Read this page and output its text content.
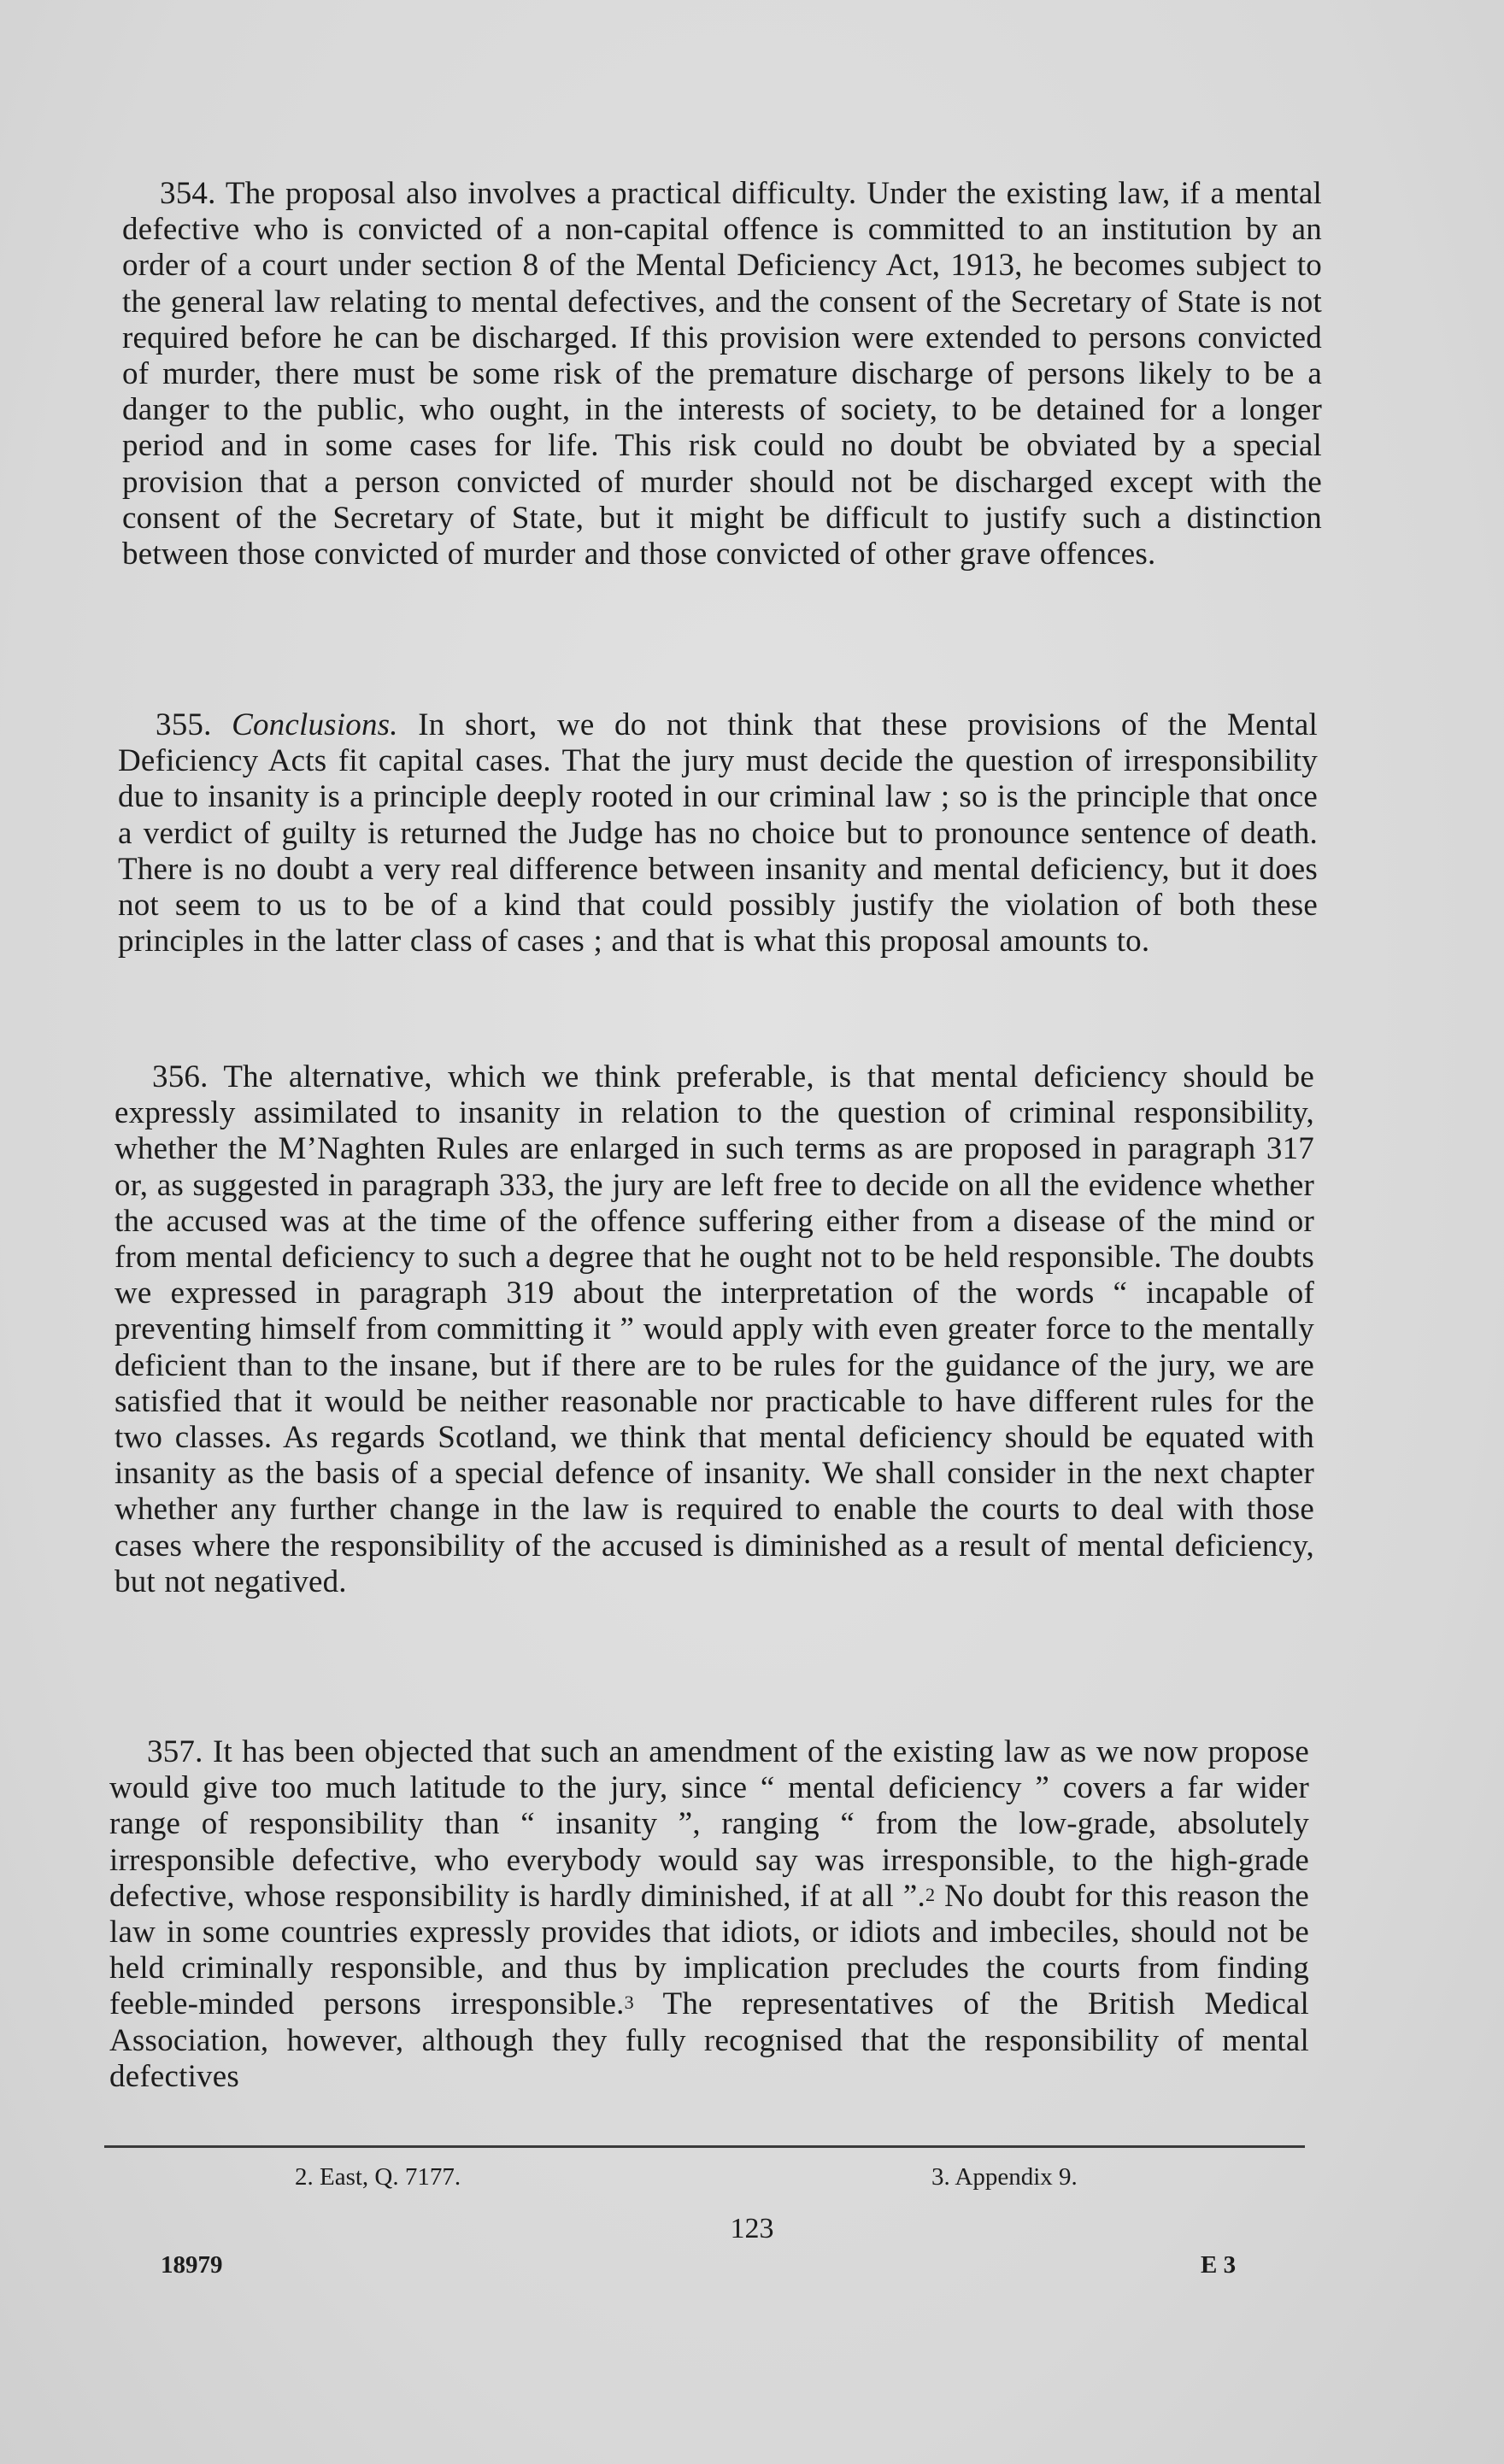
354. The proposal also involves a practical difficulty. Under the existing law, if a mental defective who is convicted of a non-capital offence is committed to an institution by an order of a court under section 8 of the Mental Deficiency Act, 1913, he becomes subject to the general law relating to mental defectives, and the consent of the Secretary of State is not required before he can be discharged. If this provision were extended to persons convicted of murder, there must be some risk of the premature discharge of persons likely to be a danger to the public, who ought, in the interests of society, to be detained for a longer period and in some cases for life. This risk could no doubt be obviated by a special provision that a person convicted of murder should not be discharged except with the consent of the Secretary of State, but it might be difficult to justify such a distinction between those convicted of murder and those convicted of other grave offences.

355. Conclusions. In short, we do not think that these provisions of the Mental Deficiency Acts fit capital cases. That the jury must decide the question of irresponsibility due to insanity is a principle deeply rooted in our criminal law ; so is the principle that once a verdict of guilty is returned the Judge has no choice but to pronounce sentence of death. There is no doubt a very real difference between insanity and mental deficiency, but it does not seem to us to be of a kind that could possibly justify the violation of both these principles in the latter class of cases ; and that is what this proposal amounts to.

356. The alternative, which we think preferable, is that mental deficiency should be expressly assimilated to insanity in relation to the question of criminal responsibility, whether the M’Naghten Rules are enlarged in such terms as are proposed in paragraph 317 or, as suggested in paragraph 333, the jury are left free to decide on all the evidence whether the accused was at the time of the offence suffering either from a disease of the mind or from mental deficiency to such a degree that he ought not to be held responsible. The doubts we expressed in paragraph 319 about the interpretation of the words “ incapable of preventing himself from committing it ” would apply with even greater force to the mentally deficient than to the insane, but if there are to be rules for the guidance of the jury, we are satisfied that it would be neither reasonable nor practicable to have different rules for the two classes. As regards Scotland, we think that mental deficiency should be equated with insanity as the basis of a special defence of insanity. We shall consider in the next chapter whether any further change in the law is required to enable the courts to deal with those cases where the responsibility of the accused is diminished as a result of mental deficiency, but not negatived.

357. It has been objected that such an amendment of the existing law as we now propose would give too much latitude to the jury, since “ mental deficiency ” covers a far wider range of responsibility than “ insanity ”, ranging “ from the low-grade, absolutely irresponsible defective, who everybody would say was irresponsible, to the high-grade defective, whose responsibility is hardly diminished, if at all ”.$^2$ No doubt for this reason the law in some countries expressly provides that idiots, or idiots and imbeciles, should not be held criminally responsible, and thus by implication precludes the courts from finding feeble-minded persons irresponsible.$^3$ The representatives of the British Medical Association, however, although they fully recognised that the responsibility of mental defectives

2. East, Q. 7177.	3. Appendix 9.
123
18979	E 3
